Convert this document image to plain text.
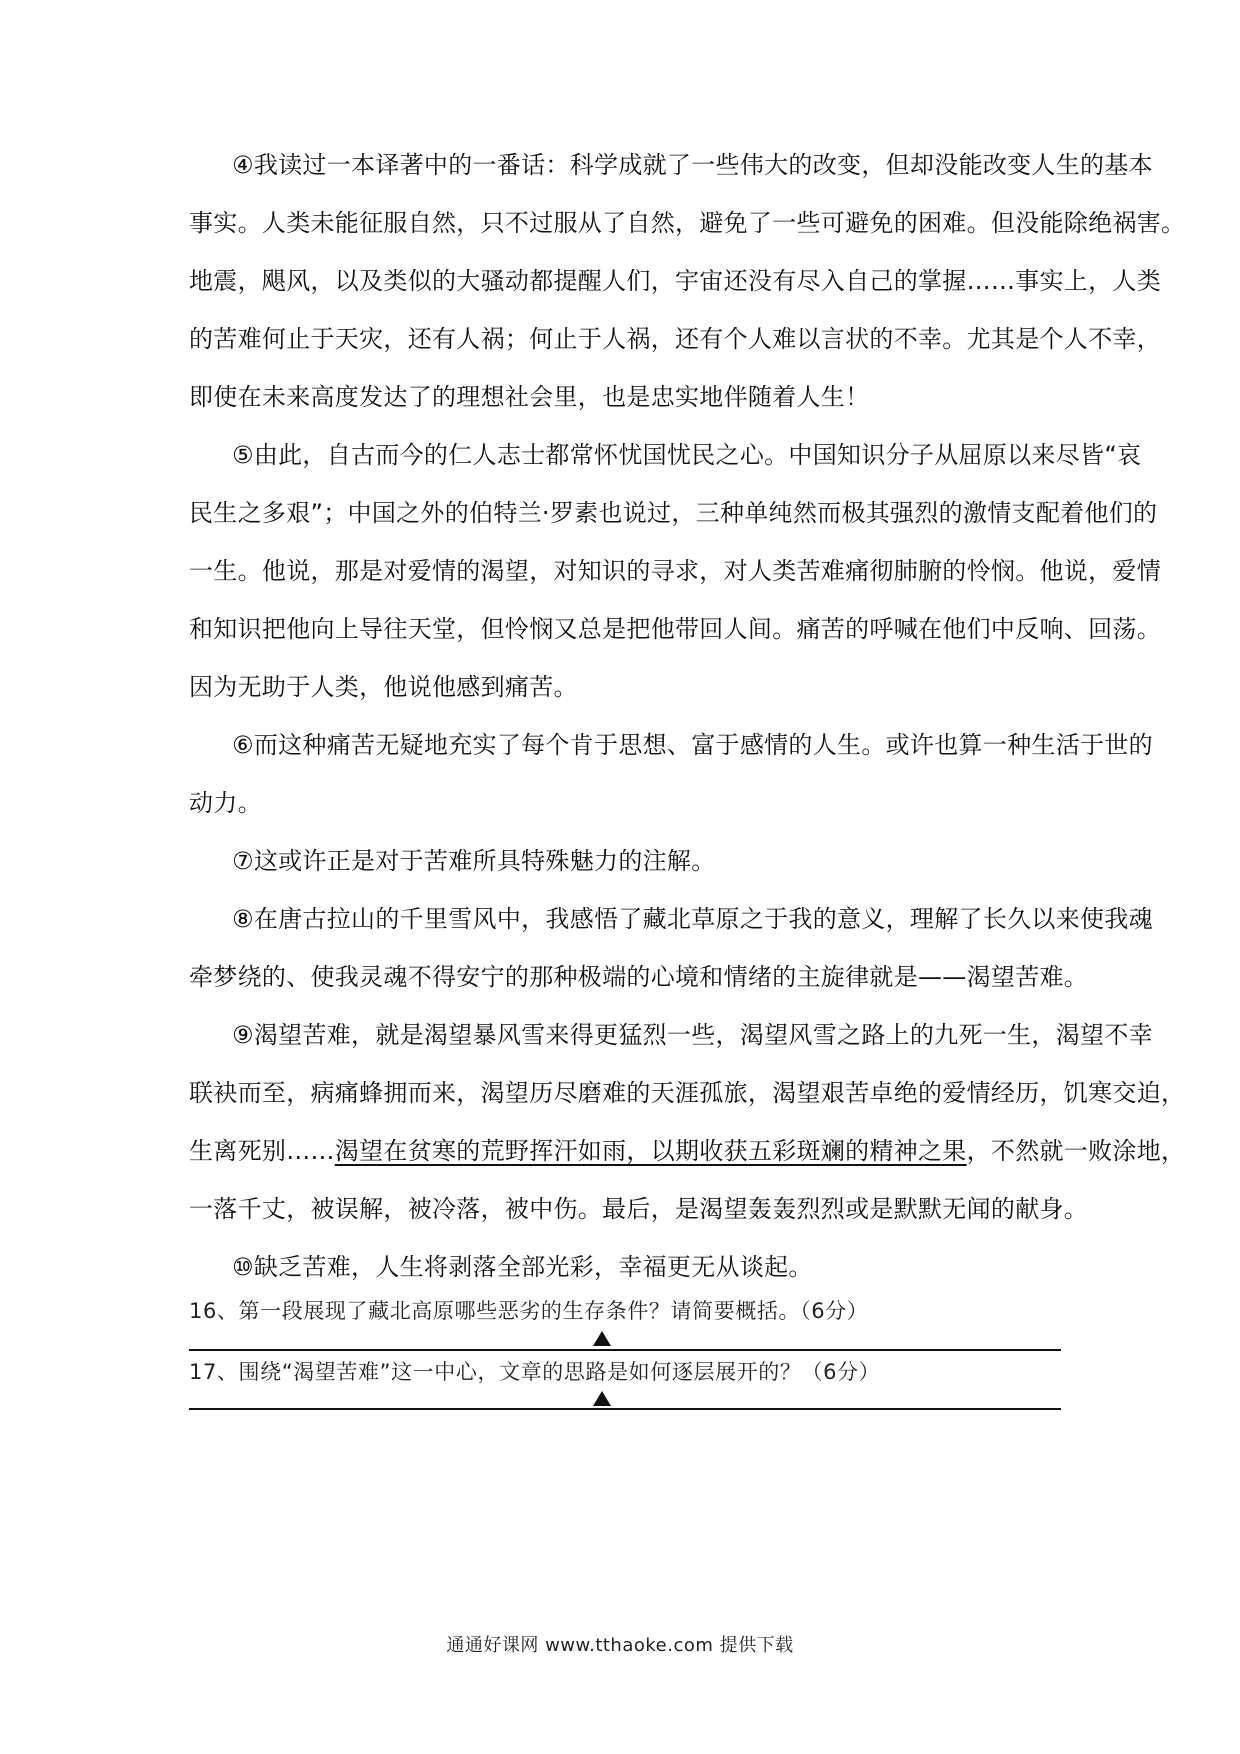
④我读过一本译著中的一番话：科学成就了一些伟大的改变，但却没能改变人生的基本
事实。人类未能征服自然，只不过服从了自然，避免了一些可避免的困难。但没能除绝祸害。
地震，飓风，以及类似的大骚动都提醒人们，宇宙还没有尽入自己的掌握……事实上，人类
的苦难何止于天灾，还有人祸；何止于人祸，还有个人难以言状的不幸。尤其是个人不幸，
即使在未来高度发达了的理想社会里，也是忠实地伴随着人生！
⑤由此，自古而今的仁人志士都常怀忧国忧民之心。中国知识分子从屈原以来尽皆“哀
民生之多艰”；中国之外的伯特兰·罗素也说过，三种单纯然而极其强烈的激情支配着他们的
一生。他说，那是对爱情的渴望，对知识的寻求，对人类苦难痛彻肺腑的怜悯。他说，爱情
和知识把他向上导往天堂，但怜悯又总是把他带回人间。痛苦的呼喊在他们中反响、回荡。
因为无助于人类，他说他感到痛苦。
⑥而这种痛苦无疑地充实了每个肯于思想、富于感情的人生。或许也算一种生活于世的
动力。
⑦这或许正是对于苦难所具特殊魅力的注解。
⑧在唐古拉山的千里雪风中，我感悟了藏北草原之于我的意义，理解了长久以来使我魂
牵梦绕的、使我灵魂不得安宁的那种极端的心境和情绪的主旋律就是——渴望苦难。
⑨渴望苦难，就是渴望暴风雪来得更猛烈一些，渴望风雪之路上的九死一生，渴望不幸
联袂而至，病痛蜂拥而来，渴望历尽磨难的天涯孤旅，渴望艰苦卓绝的爱情经历，饥寒交迫，
生离死别……渴望在贫寒的荒野挥汗如雨，以期收获五彩斑斓的精神之果，不然就一败涂地，
一落千丈，被误解，被冷落，被中伤。最后，是渴望轰轰烈烈或是默默无闻的献身。
⑩缺乏苦难，人生将剥落全部光彩，幸福更无从谈起。
16、第一段展现了藏北高原哪些恶劣的生存条件？请简要概括。（6分）
17、围绕“渴望苦难”这一中心，文章的思路是如何逐层展开的？（6分）
通通好课网 www.tthaoke.com 提供下载
